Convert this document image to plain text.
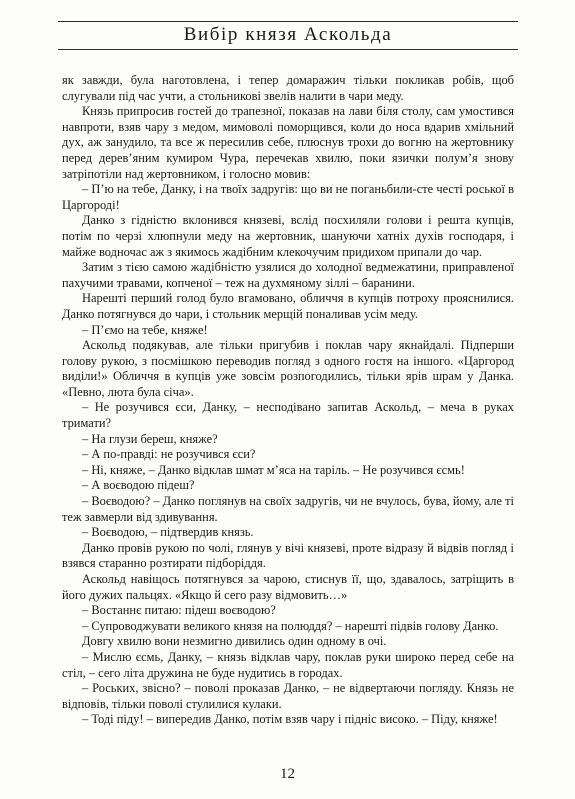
Вибір князя Аскольда

як завжди, була наготовлена, і тепер домаражич тільки покликав робів, щоб слугували під час учти, а стольникові звелів налити в чари меду.

Князь припросив гостей до трапезної, показав на лави біля столу, сам умостився навпроти, взяв чару з медом, мимоволі поморщився, коли до носа вдарив хмільний дух, аж занудило, та все ж пересилив себе, плюснув трохи до вогню на жертовнику перед дерев’яним кумиром Чура, перечекав хвилю, поки язички полум’я знову затріпотіли над жертовником, і голосно мовив:

– П’ю на тебе, Данку, і на твоїх задругів: що ви не поганьбили-сте честі роської в Царгороді!

Данко з гідністю вклонився князеві, вслід посхиляли голови і решта купців, потім по черзі хлюпнули меду на жертовник, шануючи хатніх духів господаря, і майже водночас аж з якимось жадібним клекочучим придихом припали до чар.

Затим з тією самою жадібністю узялися до холодної ведмежатини, приправленої пахучими травами, копченої – теж на духмяному зіллі – баранини.

Нарешті перший голод було вгамовано, обличчя в купців потроху прояснилися. Данко потягнувся до чари, і стольник мерщій поналивав усім меду.

– П’ємо на тебе, княже!

Аскольд подякував, але тільки пригубив і поклав чару якнайдалі. Підперши голову рукою, з посмішкою переводив погляд з одного гостя на іншого. «Царгород виділи!» Обличчя в купців уже зовсім розпогодились, тільки ярів шрам у Данка. «Певно, люта була січа».

– Не розучився єси, Данку, – несподівано запитав Аскольд, – меча в руках тримати?

– На глузи береш, княже?

– А по-правді: не розучився єси?

– Ні, княже, – Данко відклав шмат м’яса на таріль. – Не розучився єсмь!

– А воєводою підеш?

– Воєводою? – Данко поглянув на своїх задругів, чи не вчулось, бува, йому, але ті теж завмерли від здивування.

– Воєводою, – підтвердив князь.

Данко провів рукою по чолі, глянув у вічі князеві, проте відразу й відвів погляд і взявся старанно розтирати підборіддя.

Аскольд навіщось потягнувся за чарою, стиснув її, що, здавалось, затріщить в його дужих пальцях. «Якщо й сего разу відмовить…»

– Востаннє питаю: підеш воєводою?

– Супроводжувати великого князя на полюддя? – нарешті підвів голову Данко.

Довгу хвилю вони незмигно дивились один одному в очі.

– Мислю єсмь, Данку, – князь відклав чару, поклав руки широко перед себе на стіл, – сего літа дружина не буде нудитись в городах.

– Роських, звісно? – поволі проказав Данко, – не відвертаючи погляду. Князь не відповів, тільки поволі стулилися кулаки.

– Тоді піду! – випередив Данко, потім взяв чару і підніс високо. – Піду, княже!

12
